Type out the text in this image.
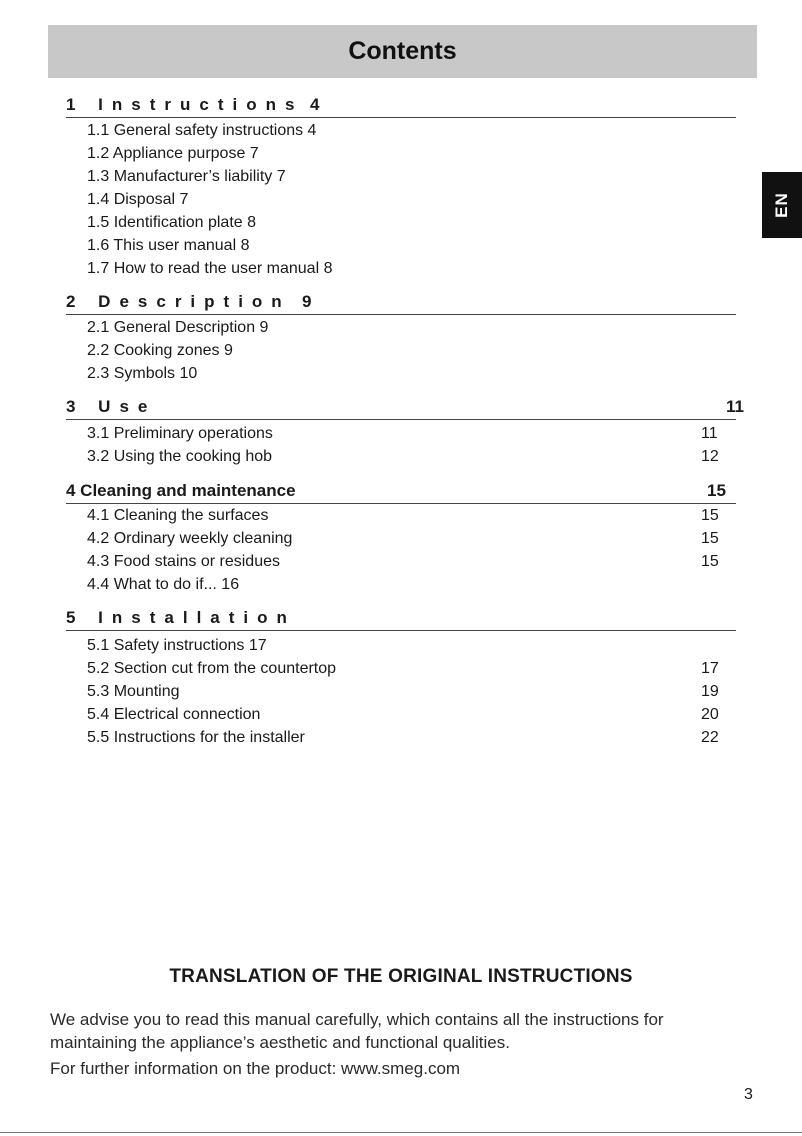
Contents
EN
1 Instructions 4
1.1 General safety instructions 4
1.2 Appliance purpose 7
1.3 Manufacturer’s liability 7
1.4 Disposal 7
1.5 Identification plate 8
1.6 This user manual 8
1.7 How to read the user manual 8
2 Description 9
2.1 General Description 9
2.2 Cooking zones 9
2.3 Symbols 10
3 Use	11
3.1 Preliminary operations	11
3.2 Using the cooking hob	12
4 Cleaning and maintenance	15
4.1 Cleaning the surfaces	15
4.2 Ordinary weekly cleaning	15
4.3 Food stains or residues	15
4.4 What to do if... 16
5 Installation
5.1 Safety instructions 17
5.2 Section cut from the countertop	17
5.3 Mounting	19
5.4 Electrical connection	20
5.5 Instructions for the installer	22
TRANSLATION OF THE ORIGINAL INSTRUCTIONS
We advise you to read this manual carefully, which contains all the instructions for maintaining the appliance’s aesthetic and functional qualities.
For further information on the product: www.smeg.com
3
